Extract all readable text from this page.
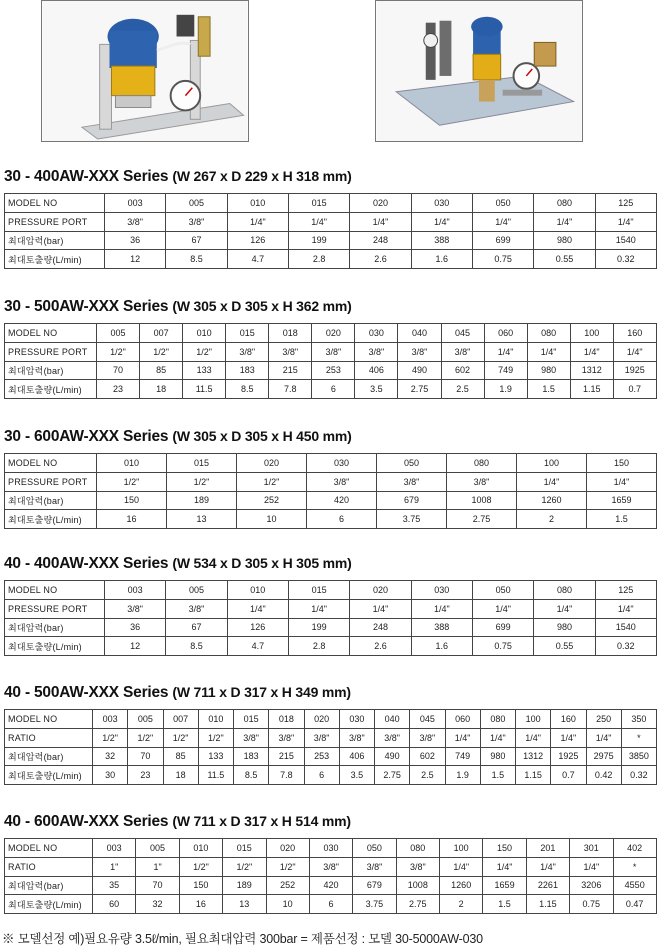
30 - 400AW-XXX Series (W 267 x D 229 x H 318 mm)
MODEL NO	003	005	010	015	020	030	050	080	125
PRESSURE PORT	3/8"	3/8"	1/4"	1/4"	1/4"	1/4"	1/4"	1/4"	1/4"
최대압력(bar)	36	67	126	199	248	388	699	980	1540
최대토출량(L/min)	12	8.5	4.7	2.8	2.6	1.6	0.75	0.55	0.32
30 - 500AW-XXX Series (W 305 x D 305 x H 362 mm)
MODEL NO	005	007	010	015	018	020	030	040	045	060	080	100	160
PRESSURE PORT	1/2"	1/2"	1/2"	3/8"	3/8"	3/8"	3/8"	3/8"	3/8"	1/4"	1/4"	1/4"	1/4"
최대압력(bar)	70	85	133	183	215	253	406	490	602	749	980	1312	1925
최대토출량(L/min)	23	18	11.5	8.5	7.8	6	3.5	2.75	2.5	1.9	1.5	1.15	0.7
30 - 600AW-XXX Series (W 305 x D 305 x H 450 mm)
MODEL NO	010	015	020	030	050	080	100	150
PRESSURE PORT	1/2"	1/2"	1/2"	3/8"	3/8"	3/8"	1/4"	1/4"
최대압력(bar)	150	189	252	420	679	1008	1260	1659
최대토출량(L/min)	16	13	10	6	3.75	2.75	2	1.5
40 - 400AW-XXX Series (W 534 x D 305 x H 305 mm)
MODEL NO	003	005	010	015	020	030	050	080	125
PRESSURE PORT	3/8"	3/8"	1/4"	1/4"	1/4"	1/4"	1/4"	1/4"	1/4"
최대압력(bar)	36	67	126	199	248	388	699	980	1540
최대토출량(L/min)	12	8.5	4.7	2.8	2.6	1.6	0.75	0.55	0.32
40 - 500AW-XXX Series (W 711 x D 317 x H 349 mm)
MODEL NO	003	005	007	010	015	018	020	030	040	045	060	080	100	160	250	350
RATIO	1/2"	1/2"	1/2"	1/2"	3/8"	3/8"	3/8"	3/8"	3/8"	3/8"	1/4"	1/4"	1/4"	1/4"	1/4"	*
최대압력(bar)	32	70	85	133	183	215	253	406	490	602	749	980	1312	1925	2975	3850
최대토출량(L/min)	30	23	18	11.5	8.5	7.8	6	3.5	2.75	2.5	1.9	1.5	1.15	0.7	0.42	0.32
40 - 600AW-XXX Series (W 711 x D 317 x H 514 mm)
MODEL NO	003	005	010	015	020	030	050	080	100	150	201	301	402
RATIO	1"	1"	1/2"	1/2"	1/2"	3/8"	3/8"	3/8"	1/4"	1/4"	1/4"	1/4"	*
최대압력(bar)	35	70	150	189	252	420	679	1008	1260	1659	2261	3206	4550
최대토출량(L/min)	60	32	16	13	10	6	3.75	2.75	2	1.5	1.15	0.75	0.47
※ 모델선정 예)필요유량 3.5ℓ/min, 필요최대압력 300bar = 제품선정 : 모델 30-5000AW-030
